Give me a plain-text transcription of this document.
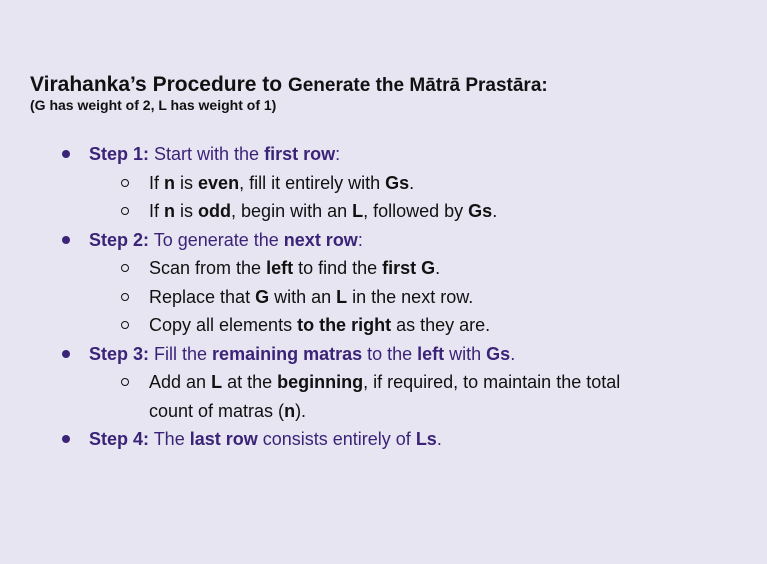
Virahanka’s Procedure to Generate the Mātrā Prastāra:

(G has weight of 2, L has weight of 1)

Step 1: Start with the first row:
If n is even, fill it entirely with Gs.
If n is odd, begin with an L, followed by Gs.
Step 2: To generate the next row:
Scan from the left to find the first G.
Replace that G with an L in the next row.
Copy all elements to the right as they are.
Step 3: Fill the remaining matras to the left with Gs.
Add an L at the beginning, if required, to maintain the total
count of matras (n).
Step 4: The last row consists entirely of Ls.
